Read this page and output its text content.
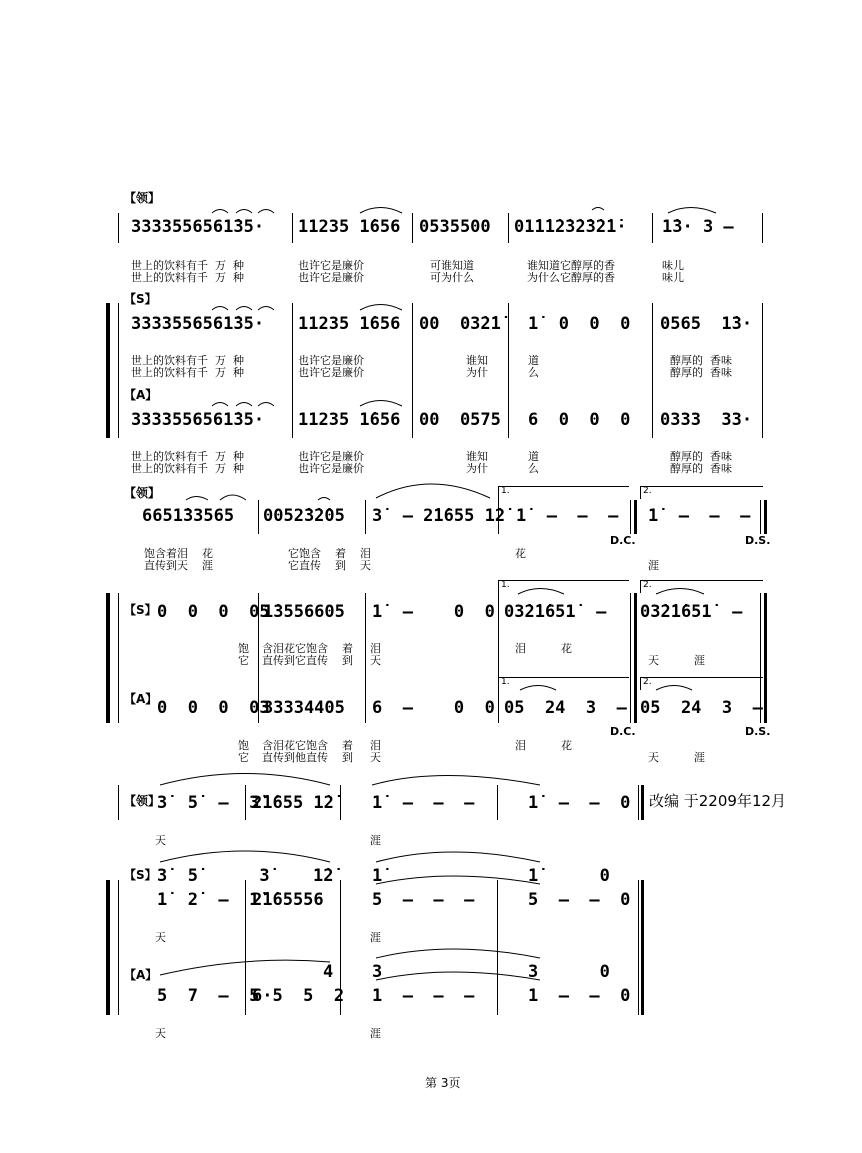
【领】
3333556561̇35· 11235 1̇656 0535500 01̇1̇1̇2̇3̇2̇3̇2̇1̇· 1̇3· 3 –
世上的饮料有千  万  种	也许它是廉价	可谁知道	谁知道它醇厚的香	味儿
世上的饮料有千  万  种	也许它是廉价	可为什么	为什么它醇厚的香	味儿
【S】
3333556561̇35· 11235 1̇656 00  03̇2̇1̇ 1̇  0  0  0 0565  1̇3·
世上的饮料有千  万  种	也许它是廉价	谁知	道	醇厚的  香味
世上的饮料有千  万  种	也许它是廉价	为什	么	醇厚的  香味
【A】
3333556561̇35· 11235 1̇656 00  0575 6  0  0  0 0333  33·
世上的饮料有千  万  种	也许它是廉价	谁知	道	醇厚的  香味
世上的饮料有千  万  种	也许它是廉价	为什	么	醇厚的  香味
【领】	1.	2.
6651̇33565 0052̇3̇2̇05 3̇  – 2̇1̇655 1̇2̇ 1̇  –  –  – 1̇  –  –  –
D.C.	D.S.
饱含着泪    花	它饱含    着    泪	花
直传到天    涯	它直传    到    天	涯
1.	2.
1.	2.
【S】 0  0  0  05
1̇3556605 1̇  –    0  0 03̇2̇1̇651̇  – 03̇2̇1̇651̇  –
饱 含泪花它饱含    着 泪	泪          花
它 直传到它直传    到 天	天          涯
【A】 0  0  0  03
33334405 6  –    0  0 05  24  3  – 05  24  3  –
D.C.	D.S.
饱 含泪花它饱含    着 泪	泪          花
它 直传到他直传    到 天	天          涯
【领】
3̇  5̇  –  3̇
2̇1̇655 1̇2̇ 1̇  –  –  –	1̇  –  –  0 改编 于2209年12月
天	涯
【S】 3̇  5̇      3̇	1̇2̇ 1̇	1̇      0
1̇  2̇  –  1̇
2̇1̇65556	5  –  –  –	5  –  –  0
天	涯
【A】	4 3	3      0
5  7  –  5
6·5  5  2 1  –  –  –	1  –  –  0
天	涯
第 3页
